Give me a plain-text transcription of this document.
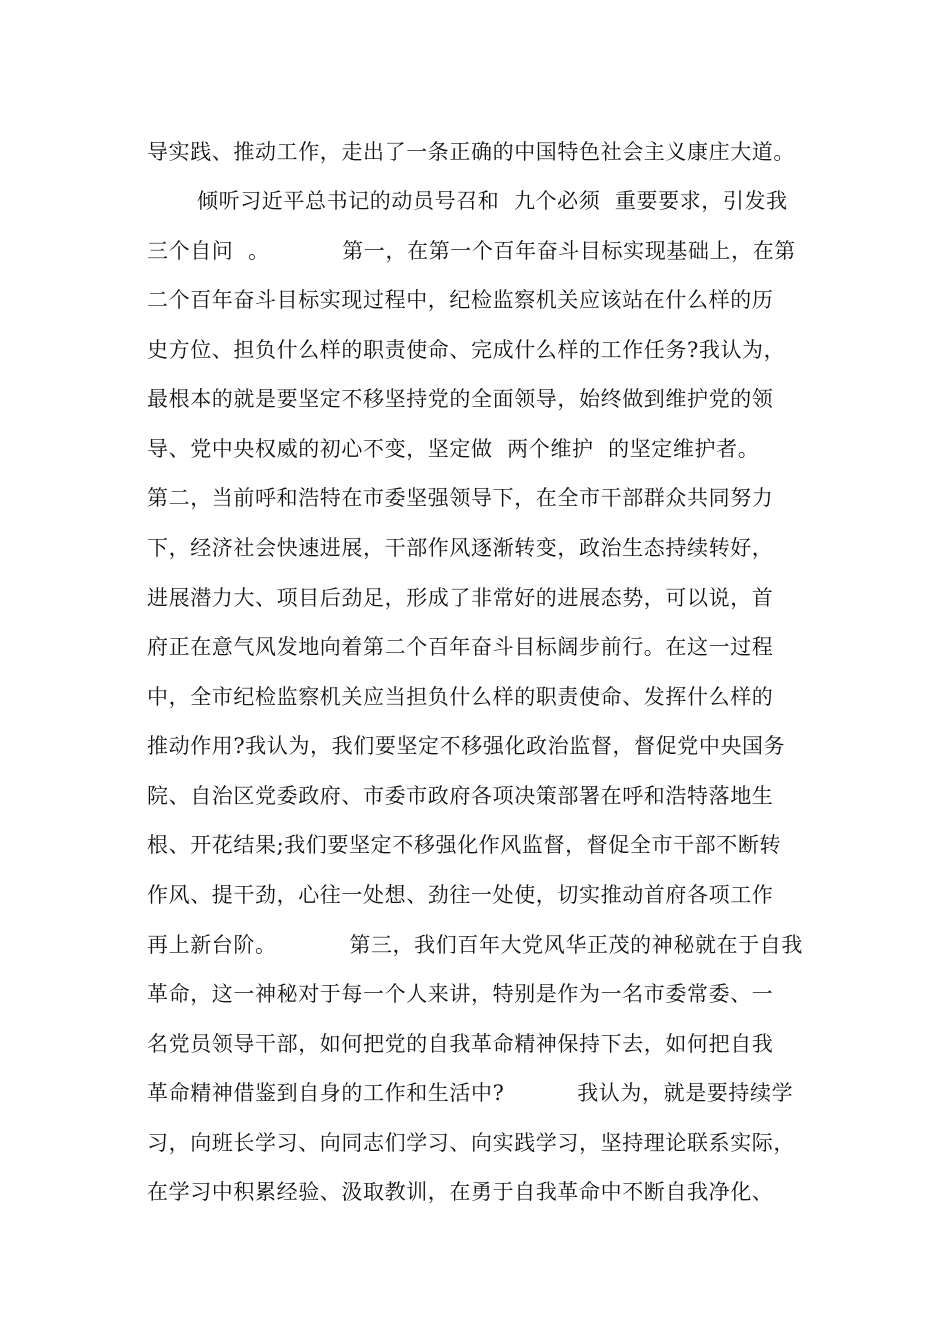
导实践、推动工作，走出了一条正确的中国特色社会主义康庄大道。

倾听习近平总书记的动员号召和  九个必须  重要要求，引发我

三个自问  。          第一，在第一个百年奋斗目标实现基础上，在第

二个百年奋斗目标实现过程中，纪检监察机关应该站在什么样的历

史方位、担负什么样的职责使命、完成什么样的工作任务?我认为，

最根本的就是要坚定不移坚持党的全面领导，始终做到维护党的领

导、党中央权威的初心不变，坚定做  两个维护  的坚定维护者。

第二，当前呼和浩特在市委坚强领导下，在全市干部群众共同努力

下，经济社会快速进展，干部作风逐渐转变，政治生态持续转好，

进展潜力大、项目后劲足，形成了非常好的进展态势，可以说，首

府正在意气风发地向着第二个百年奋斗目标阔步前行。在这一过程

中，全市纪检监察机关应当担负什么样的职责使命、发挥什么样的

推动作用?我认为，我们要坚定不移强化政治监督，督促党中央国务

院、自治区党委政府、市委市政府各项决策部署在呼和浩特落地生

根、开花结果;我们要坚定不移强化作风监督，督促全市干部不断转

作风、提干劲，心往一处想、劲往一处使，切实推动首府各项工作

再上新台阶。          第三，我们百年大党风华正茂的神秘就在于自我

革命，这一神秘对于每一个人来讲，特别是作为一名市委常委、一

名党员领导干部，如何把党的自我革命精神保持下去，如何把自我

革命精神借鉴到自身的工作和生活中?          我认为，就是要持续学

习，向班长学习、向同志们学习、向实践学习，坚持理论联系实际，

在学习中积累经验、汲取教训，在勇于自我革命中不断自我净化、
